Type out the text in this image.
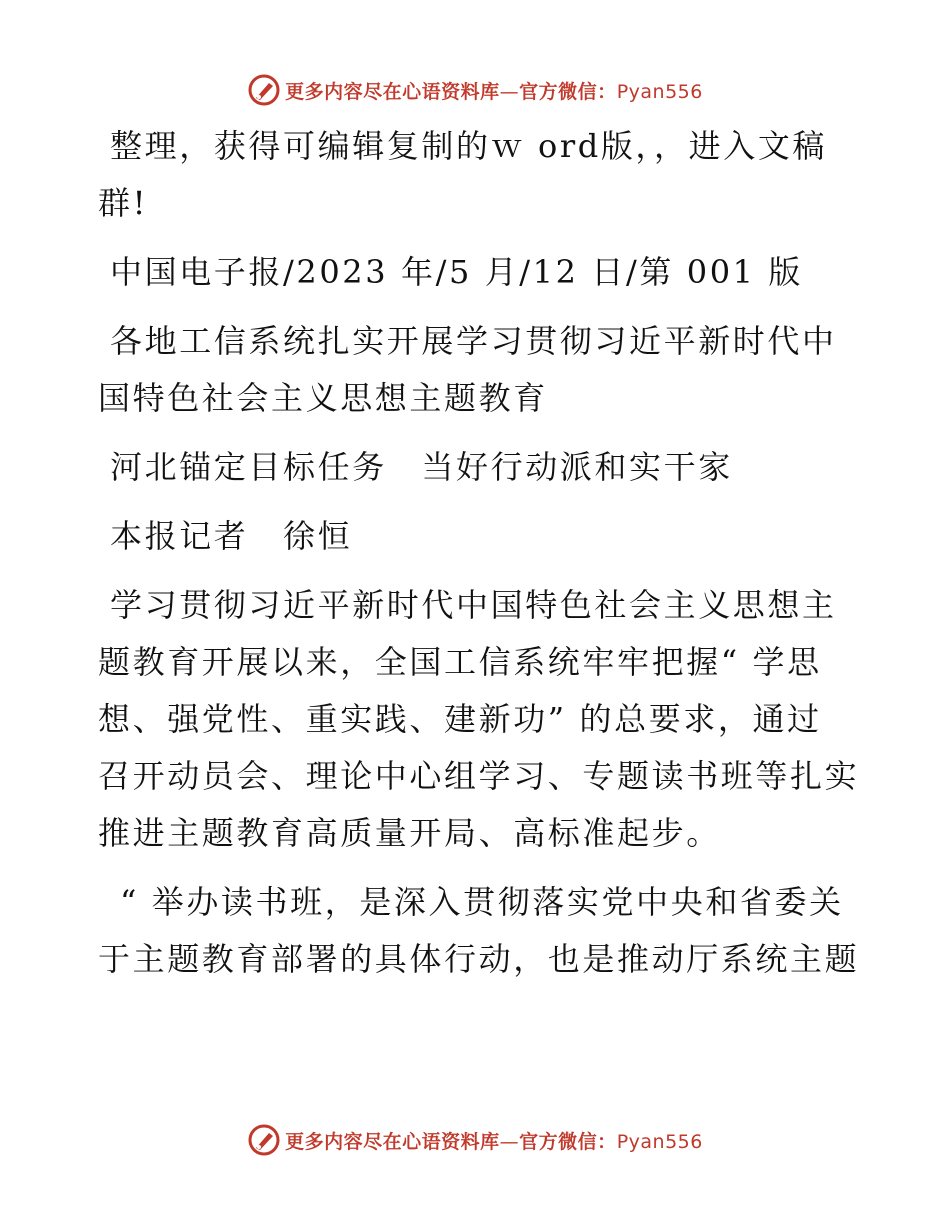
更多内容尽在心语资料库—官方微信：Pyan556
整理，获得可编辑复制的ｗ ord版，，进入文稿
群!
中国电子报/2023 年/5 月/12 日/第 001 版
各地工信系统扎实开展学习贯彻习近平新时代中
国特色社会主义思想主题教育
河北锚定目标任务　当好行动派和实干家
本报记者　徐恒
学习贯彻习近平新时代中国特色社会主义思想主
题教育开展以来，全国工信系统牢牢把握“ 学思
想、强党性、重实践、建新功” 的总要求，通过
召开动员会、理论中心组学习、专题读书班等扎实
推进主题教育高质量开局、高标准起步。
“ 举办读书班，是深入贯彻落实党中央和省委关
于主题教育部署的具体行动，也是推动厅系统主题
更多内容尽在心语资料库—官方微信：Pyan556
